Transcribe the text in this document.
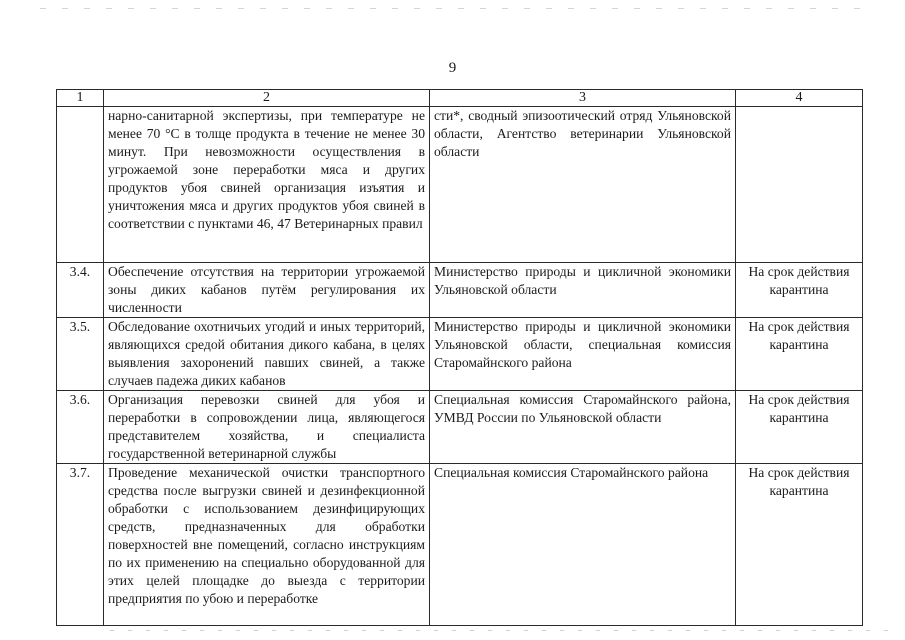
9
1	2	3	4
	нарно-санитарной экспертизы, при температуре не менее 70 °С в толще продукта в течение не менее 30 минут. При невозможности осуществления в угрожаемой зоне переработки мяса и других продуктов убоя свиней организация изъятия и уничтожения мяса и других продуктов убоя свиней в соответствии с пунктами 46, 47 Ветеринарных правил	сти*, сводный эпизоотический отряд Ульяновской области, Агентство ветеринарии Ульяновской области	
3.4.	Обеспечение отсутствия на территории угрожаемой зоны диких кабанов путём регулирования их численности	Министерство природы и цикличной экономики Ульяновской области	На срок действия карантина
3.5.	Обследование охотничьих угодий и иных территорий, являющихся средой обитания дикого кабана, в целях выявления захоронений павших свиней, а также случаев падежа диких кабанов	Министерство природы и цикличной экономики Ульяновской области, специальная комиссия Старомайнского района	На срок действия карантина
3.6.	Организация перевозки свиней для убоя и переработки в сопровождении лица, являющегося представителем хозяйства, и специалиста государственной ветеринарной службы	Специальная комиссия Старомайнского района, УМВД России по Ульяновской области	На срок действия карантина
3.7.	Проведение механической очистки транспортного средства после выгрузки свиней и дезинфекционной обработки с использованием дезинфицирующих средств, предназначенных для обработки поверхностей вне помещений, согласно инструкциям по их применению на специально оборудованной для этих целей площадке до выезда с территории предприятия по убою и переработке	Специальная комиссия Старомайнского района	На срок действия карантина
